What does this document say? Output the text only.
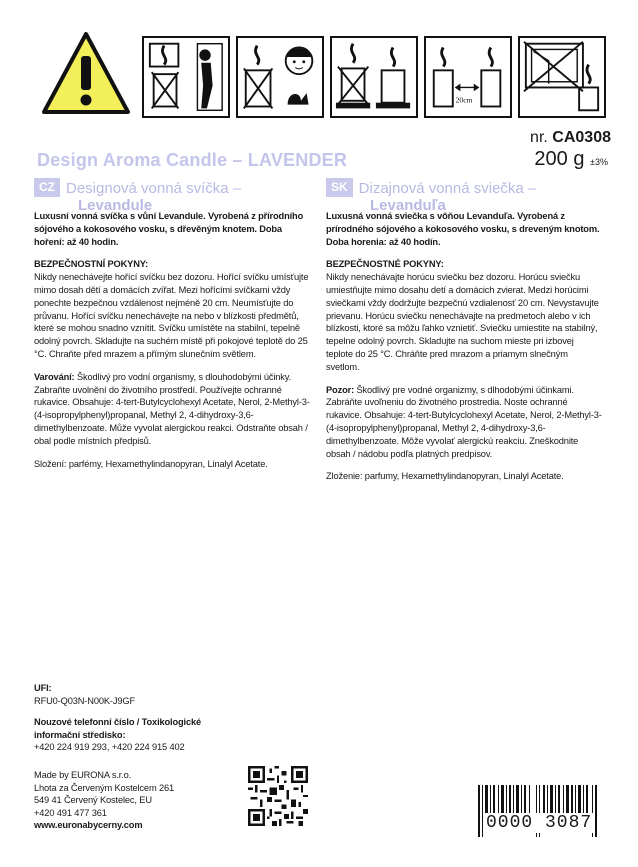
20cm
nr. CA0308
200 g ±3%
Design Aroma Candle – LAVENDER
CZ Designová vonná svíčka –
Levandule
SK Dizajnová vonná sviečka –
Levanduľa

Luxusní vonná svíčka s vůní Levandule. Vyrobená z přírodního sójového a kokosového vosku, s dřevěným knotem. Doba hoření: až 40 hodin.

BEZPEČNOSTNÍ POKYNY:
Nikdy nenechávejte hořící svíčku bez dozoru. Hořící svíčku umísťujte mimo dosah dětí a domácích zvířat. Mezi hořícími svíčkami vždy ponechte bezpečnou vzdálenost nejméně 20 cm. Neumísťujte do průvanu. Hořící svíčku nenechávejte na nebo v blízkosti předmětů, které se mohou snadno vznítit. Svíčku umístěte na stabilní, tepelně odolný povrch. Skladujte na suchém místě při pokojové teplotě do 25 °C. Chraňte před mrazem a přímým slunečním světlem.

Varování: Škodlivý pro vodní organismy, s dlouhodobými účinky. Zabraňte uvolnění do životního prostředí. Používejte ochranné rukavice. Obsahuje: 4-tert-Butylcyclohexyl Acetate, Nerol, 2-Methyl-3-(4-isopropylphenyl)propanal, Methyl 2, 4-dihydroxy-3,6-dimethylbenzoate. Může vyvolat alergickou reakci. Odstraňte obsah / obal podle místních předpisů.

Složení: parfémy, Hexamethylindanopyran, Linalyl Acetate.

Luxusná vonná sviečka s vôňou Levanduľa. Vyrobená z prírodného sójového a kokosového vosku, s dreveným knotom. Doba horenia: až 40 hodín.

BEZPEČNOSTNÉ POKYNY:
Nikdy nenechávajte horúcu sviečku bez dozoru. Horúcu sviečku umiestňujte mimo dosahu detí a domácich zvierat. Medzi horúcimi sviečkami vždy dodržujte bezpečnú vzdialenosť 20 cm. Nevystavujte prievanu. Horúcu sviečku nenechávajte na predmetoch alebo v ich blízkosti, ktoré sa môžu ľahko vznietiť. Sviečku umiestite na stabilný, tepelne odolný povrch. Skladujte na suchom mieste pri izbovej teplote do 25 °C. Chráňte pred mrazom a priamym slnečným svetlom.

Pozor: Škodlivý pre vodné organizmy, s dlhodobými účinkami. Zabráňte uvoľneniu do životného prostredia. Noste ochranné rukavice. Obsahuje: 4-tert-Butylcyclohexyl Acetate, Nerol, 2-Methyl-3-(4-isopropylphenyl)propanal, Methyl 2, 4-dihydroxy-3,6-dimethylbenzoate. Môže vyvolať alergickú reakciu. Zneškodnite obsah / nádobu podľa platných predpisov.

Zloženie: parfumy, Hexamethylindanopyran, Linalyl Acetate.

UFI:
RFU0-Q03N-N00K-J9GF
Nouzové telefonní číslo / Toxikologické
informační středisko:
+420 224 919 293, +420 224 915 402
Made by EURONA s.r.o.
Lhota za Červeným Kostelcem 261
549 41 Červený Kostelec, EU
+420 491 477 361
www.euronabycerny.com	0000 3087
